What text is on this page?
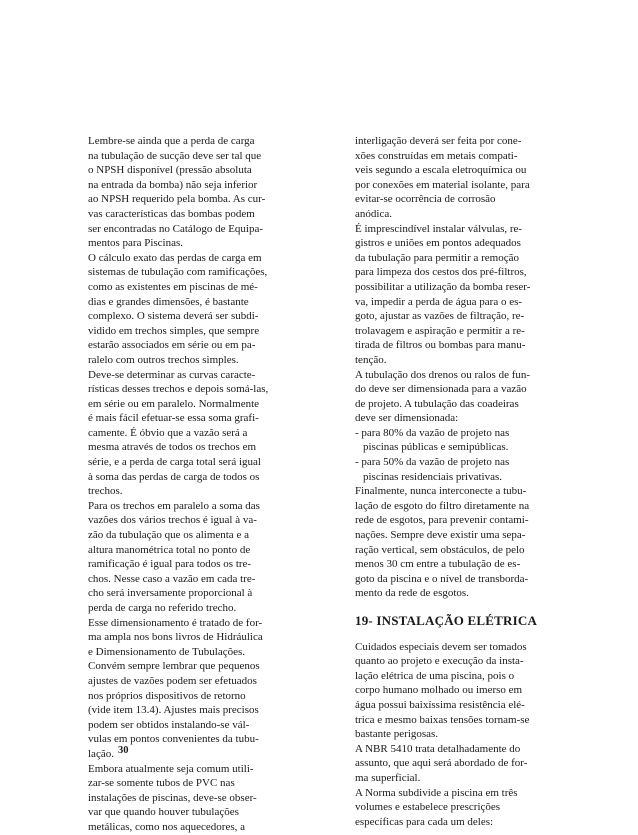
Lembre-se ainda que a perda de carga
na tubulação de sucção deve ser tal que
o NPSH disponível (pressão absoluta
na entrada da bomba) não seja inferior
ao NPSH requerido pela bomba. As cur-
vas características das bombas podem
ser encontradas no Catálogo de Equipa-
mentos para Piscinas.
O cálculo exato das perdas de carga em
sistemas de tubulação com ramificações,
como as existentes em piscinas de mé-
dias e grandes dimensões, é bastante
complexo. O sistema deverá ser subdi-
vidido em trechos simples, que sempre
estarão associados em série ou em pa-
ralelo com outros trechos simples.
Deve-se determinar as curvas caracte-
rísticas desses trechos e depois somá-las,
em série ou em paralelo. Normalmente
é mais fácil efetuar-se essa soma grafi-
camente. É óbvio que a vazão será a
mesma através de todos os trechos em
série, e a perda de carga total será igual
à soma das perdas de carga de todos os
trechos.
Para os trechos em paralelo a soma das
vazões dos vários trechos é igual à va-
zão da tubulação que os alimenta e a
altura manométrica total no ponto de
ramificação é igual para todos os tre-
chos. Nesse caso a vazão em cada tre-
cho será inversamente proporcional à
perda de carga no referido trecho.
Esse dimensionamento é tratado de for-
ma ampla nos bons livros de Hidráulica
e Dimensionamento de Tubulações.
Convém sempre lembrar que pequenos
ajustes de vazões podem ser efetuados
nos próprios dispositivos de retorno
(vide item 13.4). Ajustes mais precisos
podem ser obtidos instalando-se vál-
vulas em pontos convenientes da tubu-
lação.
Embora atualmente seja comum utili-
zar-se somente tubos de PVC nas
instalações de piscinas, deve-se obser-
var que quando houver tubulações
metálicas, como nos aquecedores, a
interligação deverá ser feita por cone-
xões construídas em metais compati-
veis segundo a escala eletroquímica ou
por conexões em material isolante, para
evitar-se ocorrência de corrosão
anódica.
É imprescindível instalar válvulas, re-
gistros e uniões em pontos adequados
da tubulação para permitir a remoção
para limpeza dos cestos dos pré-filtros,
possibilitar a utilização da bomba reser-
va, impedir a perda de água para o es-
goto, ajustar as vazões de filtração, re-
trolavagem e aspiração e permitir a re-
tirada de filtros ou bombas para manu-
tenção.
A tubulação dos drenos ou ralos de fun-
do deve ser dimensionada para a vazão
de projeto. A tubulação das coadeiras
deve ser dimensionada:
- para 80% da vazão de projeto nas
piscinas públicas e semipúblicas.
- para 50% da vazão de projeto nas
piscinas residenciais privativas.
Finalmente, nunca interconecte a tubu-
lação de esgoto do filtro diretamente na
rede de esgotos, para prevenir contami-
nações. Sempre deve existir uma sepa-
ração vertical, sem obstáculos, de pelo
menos 30 cm entre a tubulação de es-
goto da piscina e o nível de transborda-
mento da rede de esgotos.
19- INSTALAÇÃO ELÉTRICA
Cuidados especiais devem ser tomados
quanto ao projeto e execução da insta-
lação elétrica de uma piscina, pois o
corpo humano molhado ou imerso em
água possui baixíssima resistência elé-
trica e mesmo baixas tensões tornam-se
bastante perigosas.
A NBR 5410 trata detalhadamente do
assunto, que aqui será abordado de for-
ma superficial.
A Norma subdivide a piscina em três
volumes e estabelece prescrições
específicas para cada um deles:
30
